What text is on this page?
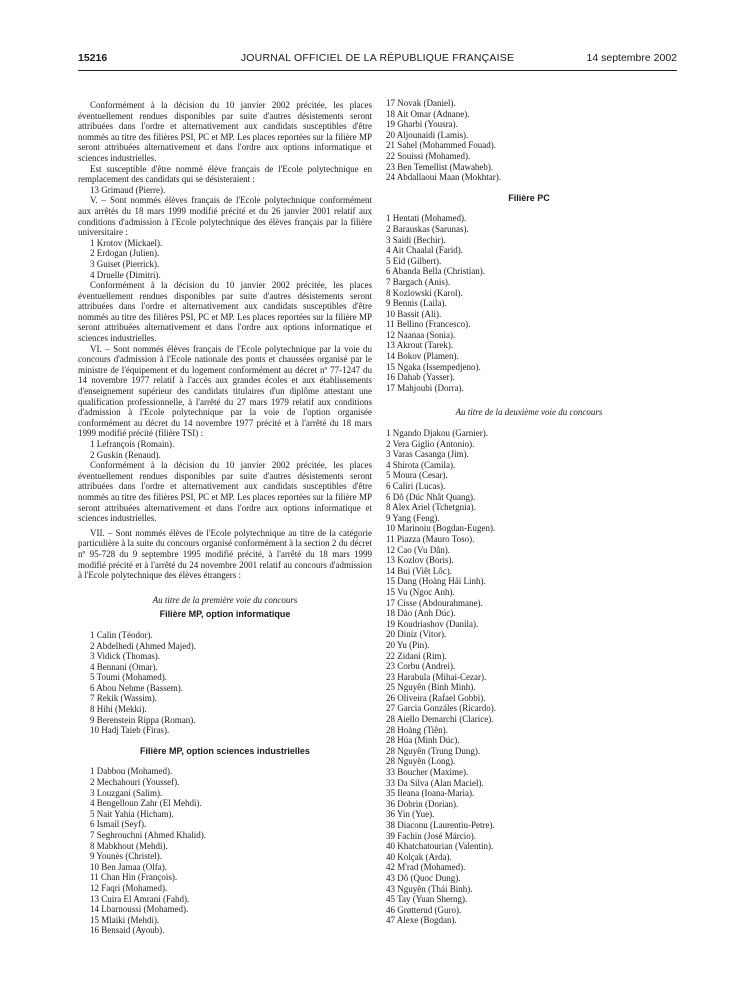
15216	JOURNAL OFFICIEL DE LA RÉPUBLIQUE FRANÇAISE	14 septembre 2002

Conformément à la décision du 10 janvier 2002 précitée, les places éventuellement rendues disponibles par suite d'autres désistements seront attribuées dans l'ordre et alternativement aux candidats susceptibles d'être nommés au titre des filières PSI, PC et MP. Les places reportées sur la filière MP seront attribuées alternativement et dans l'ordre aux options informatique et sciences industrielles.

Est susceptible d'être nommé élève français de l'Ecole polytechnique en remplacement des candidats qui se désisteraient :

13 Grimaud (Pierre).

V. – Sont nommés élèves français de l'Ecole polytechnique conformément aux arrêtés du 18 mars 1999 modifié précité et du 26 janvier 2001 relatif aux conditions d'admission à l'Ecole polytechnique des élèves français par la filière universitaire :

1 Krotov (Mickael).
2 Erdogan (Julien).
3 Guiset (Pierrick).
4 Druelle (Dimitri).

Conformément à la décision du 10 janvier 2002 précitée, les places éventuellement rendues disponibles par suite d'autres désistements seront attribuées dans l'ordre et alternativement aux candidats susceptibles d'être nommés au titre des filières PSI, PC et MP. Les places reportées sur la filière MP seront attribuées alternativement et dans l'ordre aux options informatique et sciences industrielles.

VI. – Sont nommés élèves français de l'Ecole polytechnique par la voie du concours d'admission à l'Ecole nationale des ponts et chaussées organisé par le ministre de l'équipement et du logement conformément au décret nº 77-1247 du 14 novembre 1977 relatif à l'accès aux grandes écoles et aux établissements d'enseignement supérieur des candidats titulaires d'un diplôme attestant une qualification professionnelle, à l'arrêté du 27 mars 1979 relatif aux conditions d'admission à l'Ecole polytechnique par la voie de l'option organisée conformément au décret du 14 novembre 1977 précité et à l'arrêté du 18 mars 1999 modifié précité (filière TSI) :

1 Lefrançois (Romain).
2 Guskin (Renaud).

Conformément à la décision du 10 janvier 2002 précitée, les places éventuellement rendues disponibles par suite d'autres désistements seront attribuées dans l'ordre et alternativement aux candidats susceptibles d'être nommés au titre des filières PSI, PC et MP. Les places reportées sur la filière MP seront attribuées alternativement et dans l'ordre aux options informatique et sciences industrielles.

VII. – Sont nommés élèves de l'Ecole polytechnique au titre de la catégorie particulière à la suite du concours organisé conformément à la section 2 du décret nº 95-728 du 9 septembre 1995 modifié précité, à l'arrêté du 18 mars 1999 modifié précité et à l'arrêté du 24 novembre 2001 relatif au concours d'admission à l'Ecole polytechnique des élèves étrangers :

Au titre de la première voie du concours

Filière MP, option informatique

1 Calin (Téodor).
2 Abdelhedi (Ahmed Majed).
3 Vidick (Thomas).
4 Bennani (Omar).
5 Toumi (Mohamed).
6 Abou Nehme (Bassem).
7 Rekik (Wassim).
8 Hihi (Mekki).
9 Berenstein Rippa (Roman).
10 Hadj Taieb (Firas).

Filière MP, option sciences industrielles

1 Dabbou (Mohamed).
2 Mechahouri (Youssef).
3 Louzgani (Salim).
4 Bengelloun Zahr (El Mehdi).
5 Nait Yahia (Hicham).
6 Ismail (Seyf).
7 Seghrouchni (Ahmed Khalid).
8 Mabkhout (Mehdi).
9 Younès (Christel).
10 Ben Jamaa (Olfa).
11 Chan Hin (François).
12 Faqri (Mohamed).
13 Cuira El Amrani (Fahd).
14 Lbarnoussi (Mohamed).
15 Mlaiki (Mehdi).
16 Bensaid (Ayoub).
17 Novak (Daniel).
18 Ait Omar (Adnane).
19 Gharbi (Yousra).
20 Aljounaidi (Lamis).
21 Sahel (Mohammed Fouad).
22 Souissi (Mohamed).
23 Ben Temellist (Mawaheb).
24 Abdallaoui Maan (Mokhtar).

Filière PC

1 Hentati (Mohamed).
2 Barauskas (Sarunas).
3 Saidi (Bechir).
4 Ait Chaalal (Farid).
5 Eid (Gilbert).
6 Abanda Bella (Christian).
7 Bargach (Anis).
8 Kozlowski (Karol).
9 Bennis (Laila).
10 Bassit (Ali).
11 Bellino (Francesco).
12 Naanaa (Sonia).
13 Akrout (Tarek).
14 Bokov (Plamen).
15 Ngaka (Issempedjeno).
16 Dahab (Yasser).
17 Mahjoubi (Dorra).

Au titre de la deuxième voie du concours

1 Ngando Djakou (Garnier).
2 Vera Giglio (Antonio).
3 Varas Casanga (Jim).
4 Shirota (Camila).
5 Moura (Cesar).
6 Caliri (Lucas).
6 Dô (Dúc Nhât Quang).
8 Alex Ariel (Tchetgnia).
9 Yang (Feng).
10 Marinoiu (Bogdan-Eugen).
11 Piazza (Mauro Toso).
12 Cao (Vu Dân).
13 Kozlov (Boris).
14 Bui (Viêt Lôc).
15 Dang (Hoàng Hái Linh).
15 Vu (Ngoc Anh).
17 Cisse (Abdourahmane).
18 Dào (Anh Dúc).
19 Koudriashov (Danila).
20 Diniz (Vitor).
20 Yu (Pin).
22 Zidani (Rim).
23 Corbu (Andrei).
23 Harabula (Mihai-Cezar).
25 Nguyên (Binh Minh).
26 Oliveira (Rafael Gobbi).
27 Garcia Gonzáles (Ricardo).
28 Aiello Demarchi (Clarice).
28 Hoàng (Tiên).
28 Húa (Minh Dúc).
28 Nguyên (Trung Dung).
28 Nguyên (Long).
33 Boucher (Maxime).
33 Da Silva (Alan Maciel).
35 Ileana (Ioana-Maria).
36 Dobrin (Dorian).
36 Yin (Yue).
38 Diaconu (Laurentiu-Petre).
39 Fachin (José Márcio).
40 Khatchatourian (Valentin).
40 Kolçak (Arda).
42 M'rad (Mohamed).
43 Dô (Quoc Dung).
43 Nguyên (Thái Binh).
45 Tay (Yuan Sherng).
46 Grøtterud (Guro).
47 Alexe (Bogdan).
